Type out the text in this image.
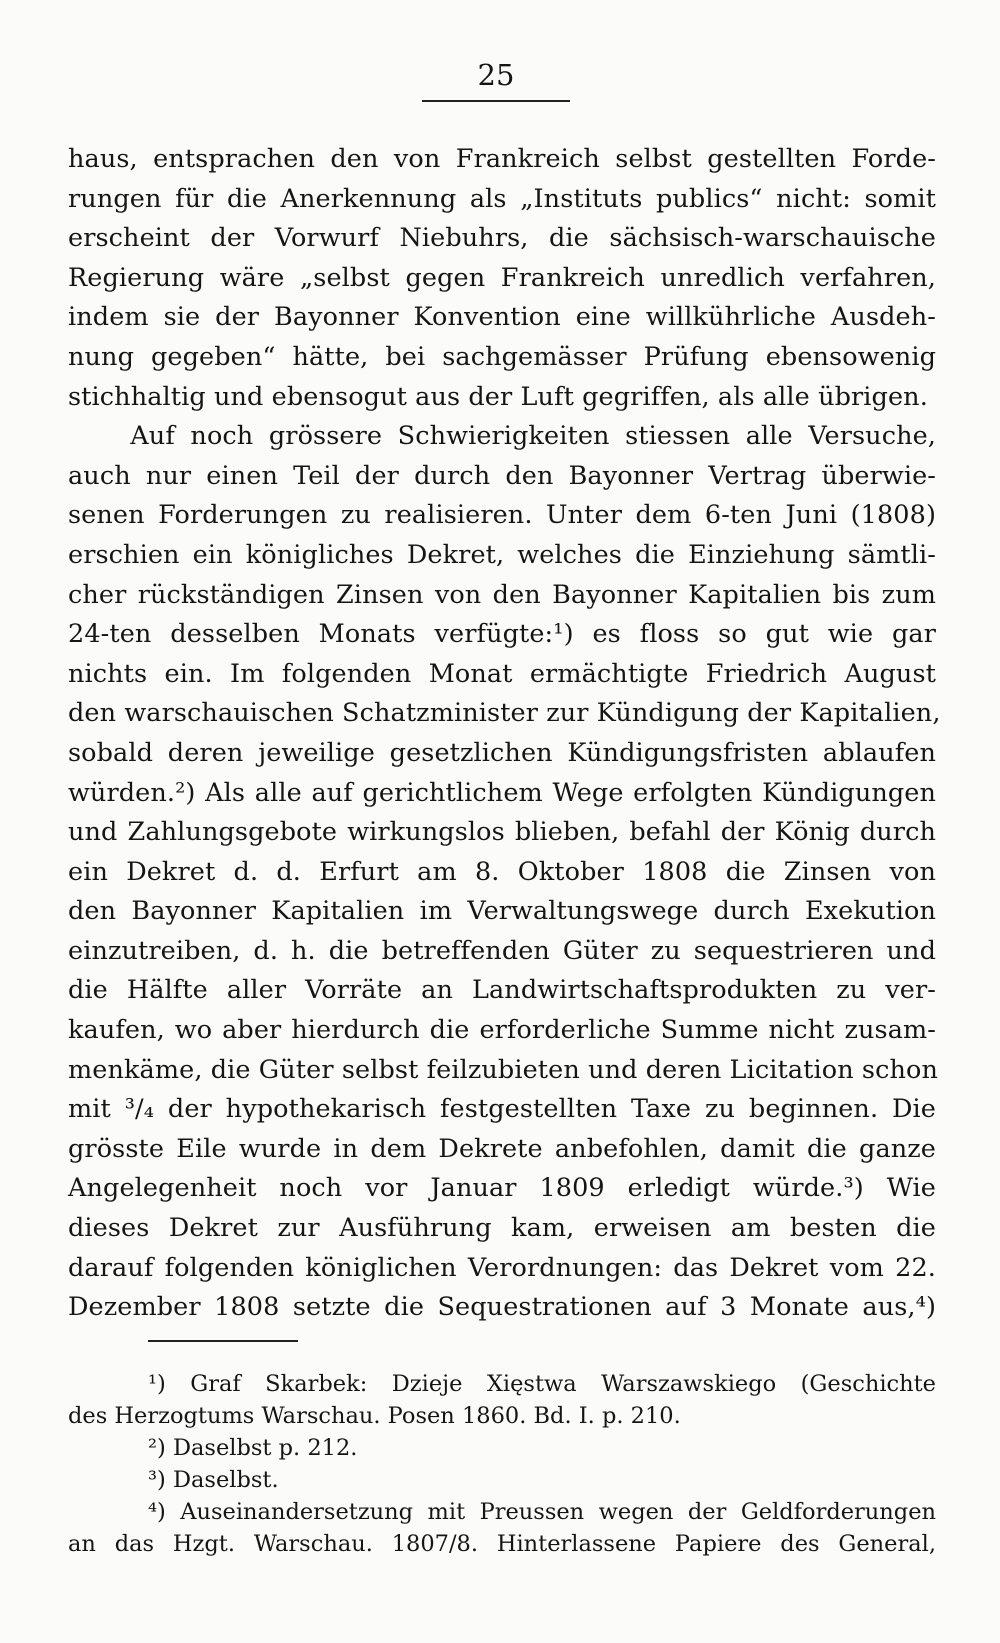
25
haus, entsprachen den von Frankreich selbst gestellten Forde-
rungen für die Anerkennung als „Instituts publics“ nicht: somit
erscheint der Vorwurf Niebuhrs, die sächsisch-warschauische
Regierung wäre „selbst gegen Frankreich unredlich verfahren,
indem sie der Bayonner Konvention eine willkührliche Ausdeh-
nung gegeben“ hätte, bei sachgemässer Prüfung ebensowenig
stichhaltig und ebensogut aus der Luft gegriffen, als alle übrigen.
Auf noch grössere Schwierigkeiten stiessen alle Versuche,
auch nur einen Teil der durch den Bayonner Vertrag überwie-
senen Forderungen zu realisieren. Unter dem 6-ten Juni (1808)
erschien ein königliches Dekret, welches die Einziehung sämtli-
cher rückständigen Zinsen von den Bayonner Kapitalien bis zum
24-ten desselben Monats verfügte:¹) es floss so gut wie gar
nichts ein. Im folgenden Monat ermächtigte Friedrich August
den warschauischen Schatzminister zur Kündigung der Kapitalien,
sobald deren jeweilige gesetzlichen Kündigungsfristen ablaufen
würden.²) Als alle auf gerichtlichem Wege erfolgten Kündigungen
und Zahlungsgebote wirkungslos blieben, befahl der König durch
ein Dekret d. d. Erfurt am 8. Oktober 1808 die Zinsen von
den Bayonner Kapitalien im Verwaltungswege durch Exekution
einzutreiben, d. h. die betreffenden Güter zu sequestrieren und
die Hälfte aller Vorräte an Landwirtschaftsprodukten zu ver-
kaufen, wo aber hierdurch die erforderliche Summe nicht zusam-
menkäme, die Güter selbst feilzubieten und deren Licitation schon
mit ³/₄ der hypothekarisch festgestellten Taxe zu beginnen. Die
grösste Eile wurde in dem Dekrete anbefohlen, damit die ganze
Angelegenheit noch vor Januar 1809 erledigt würde.³) Wie
dieses Dekret zur Ausführung kam, erweisen am besten die
darauf folgenden königlichen Verordnungen: das Dekret vom 22.
Dezember 1808 setzte die Sequestrationen auf 3 Monate aus,⁴)
¹) Graf Skarbek: Dzieje Xięstwa Warszawskiego (Geschichte
des Herzogtums Warschau. Posen 1860. Bd. I. p. 210.
²) Daselbst p. 212.
³) Daselbst.
⁴) Auseinandersetzung mit Preussen wegen der Geldforderungen
an das Hzgt. Warschau. 1807/8. Hinterlassene Papiere des General,
